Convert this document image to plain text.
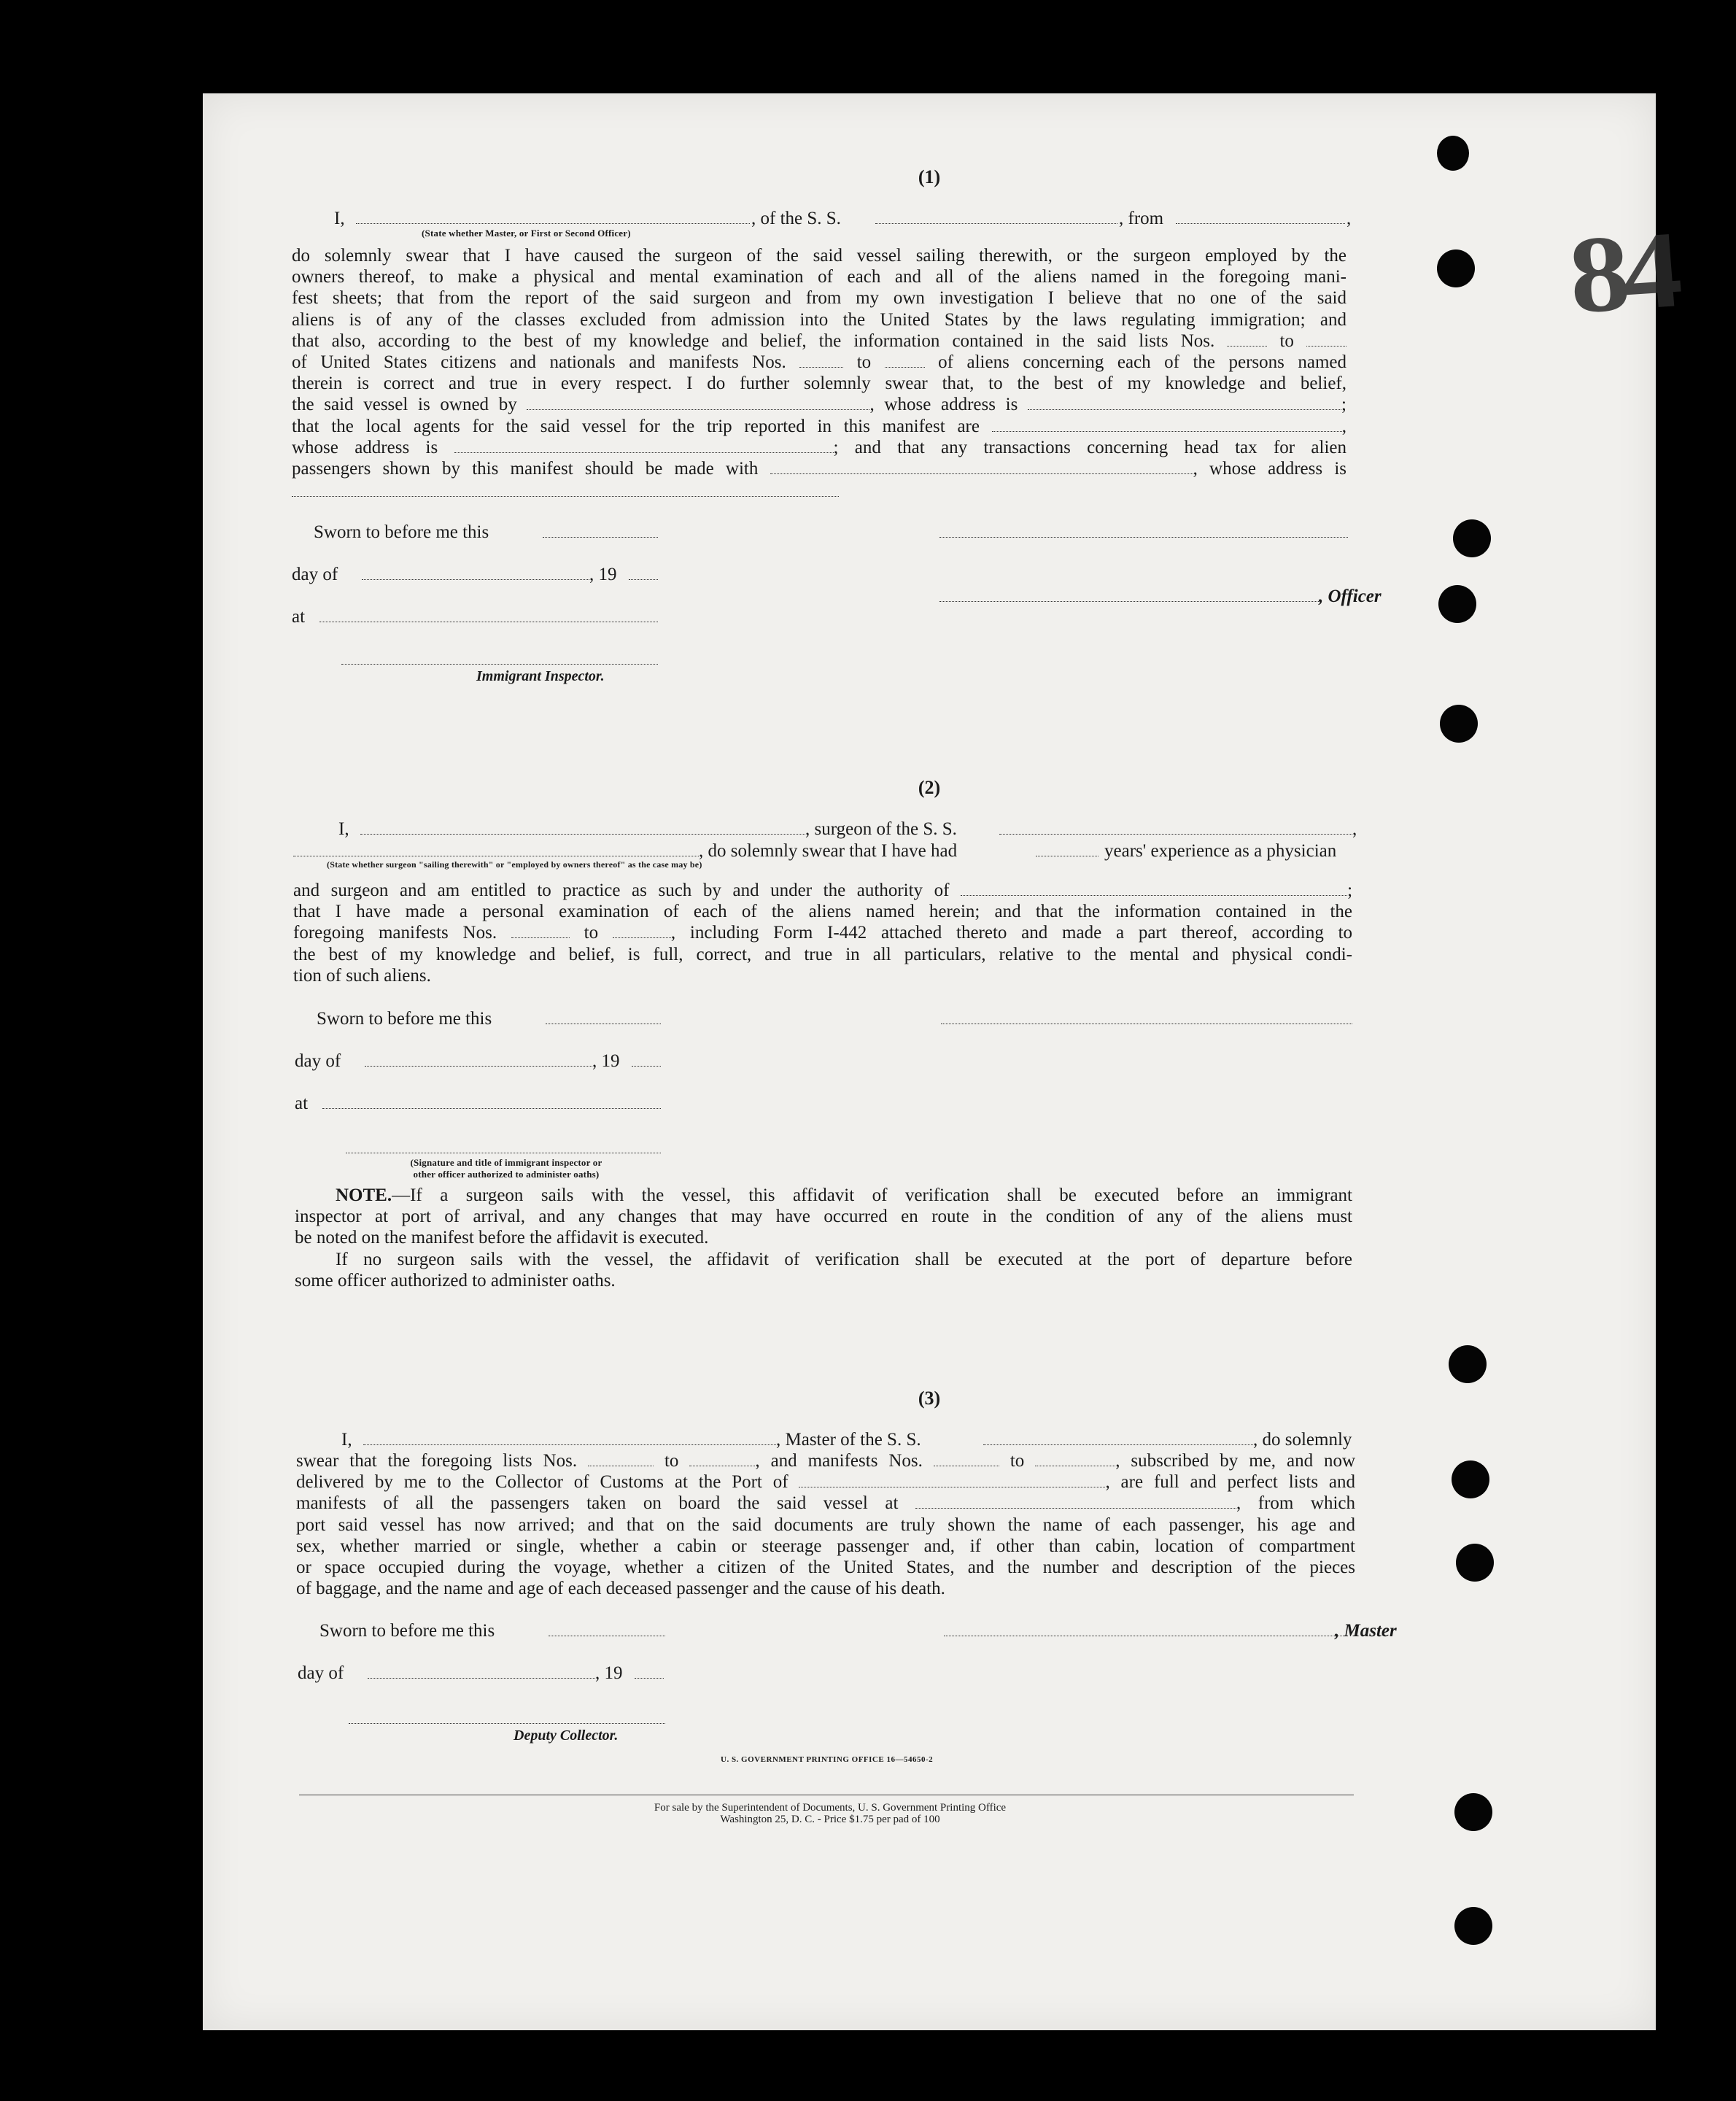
84
(1)
I,	, of the S. S.	, from	,
(State whether Master, or First or Second Officer)
do solemnly swear that I have caused the surgeon of the said vessel sailing therewith, or the surgeon employed by the
owners thereof, to make a physical and mental examination of each and all of the aliens named in the foregoing mani-
fest sheets; that from the report of the said surgeon and from my own investigation I believe that no one of the said
aliens is of any of the classes excluded from admission into the United States by the laws regulating immigration; and
that also, according to the best of my knowledge and belief, the information contained in the said lists Nos.	to
of United States citizens and nationals and manifests Nos.	to	of aliens concerning each of the persons named
therein is correct and true in every respect. I do further solemnly swear that, to the best of my knowledge and belief,
the said vessel is owned by	, whose address is	;
that the local agents for the said vessel for the trip reported in this manifest are	,
whose address is	; and that any transactions concerning head tax for alien
passengers shown by this manifest should be made with	, whose address is
Sworn to before me this
day of	, 19
, Officer
at
Immigrant Inspector.
(2)
I,	, surgeon of the S. S.	,
, do solemnly swear that I have had	years' experience as a physician
(State whether surgeon "sailing therewith" or "employed by owners thereof" as the case may be)
and surgeon and am entitled to practice as such by and under the authority of	;
that I have made a personal examination of each of the aliens named herein; and that the information contained in the
foregoing manifests Nos.	to	, including Form I-442 attached thereto and made a part thereof, according to
the best of my knowledge and belief, is full, correct, and true in all particulars, relative to the mental and physical condi-
tion of such aliens.
Sworn to before me this
day of	, 19
at
(Signature and title of immigrant inspector or
other officer authorized to administer oaths)
NOTE.—If a surgeon sails with the vessel, this affidavit of verification shall be executed before an immigrant
inspector at port of arrival, and any changes that may have occurred en route in the condition of any of the aliens must
be noted on the manifest before the affidavit is executed.
If no surgeon sails with the vessel, the affidavit of verification shall be executed at the port of departure before
some officer authorized to administer oaths.
(3)
I,	, Master of the S. S.	, do solemnly
swear that the foregoing lists Nos.	to	, and manifests Nos.	to	, subscribed by me, and now
delivered by me to the Collector of Customs at the Port of	, are full and perfect lists and
manifests of all the passengers taken on board the said vessel at	, from which
port said vessel has now arrived; and that on the said documents are truly shown the name of each passenger, his age and
sex, whether married or single, whether a cabin or steerage passenger and, if other than cabin, location of compartment
or space occupied during the voyage, whether a citizen of the United States, and the number and description of the pieces
of baggage, and the name and age of each deceased passenger and the cause of his death.
Sworn to before me this	, Master
day of	, 19
Deputy Collector.
U. S. GOVERNMENT PRINTING OFFICE 16—54650-2
For sale by the Superintendent of Documents, U. S. Government Printing Office
Washington 25, D. C. - Price $1.75 per pad of 100
